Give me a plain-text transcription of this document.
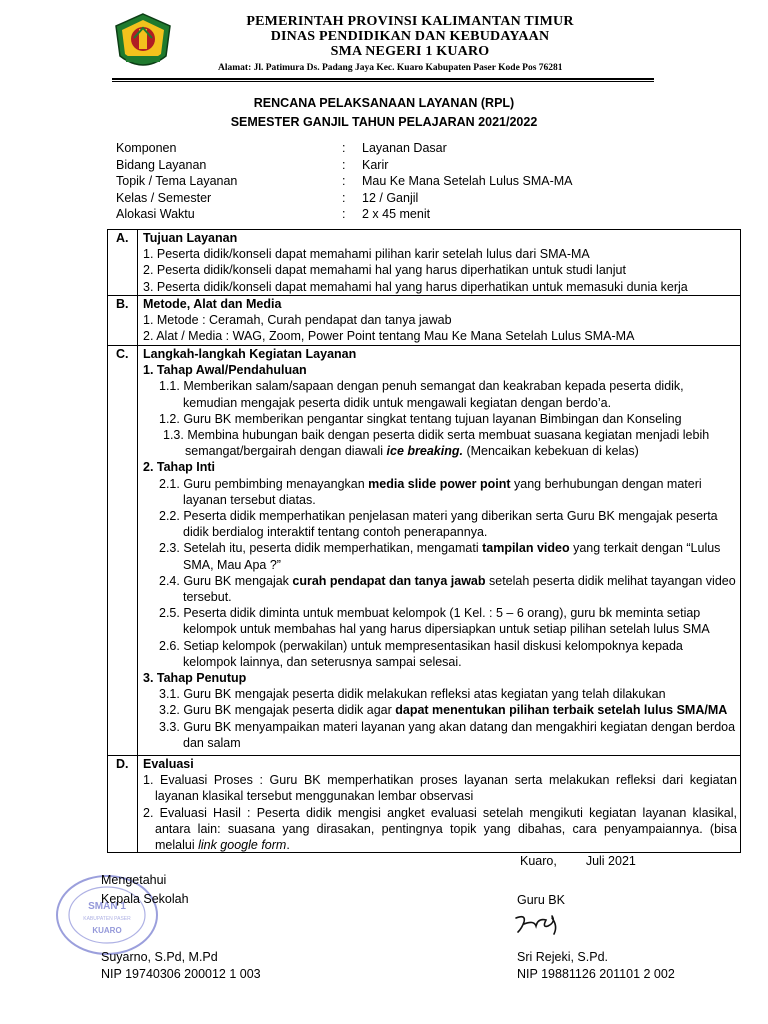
PEMERINTAH PROVINSI KALIMANTAN TIMUR
DINAS PENDIDIKAN DAN KEBUDAYAAN
SMA NEGERI 1 KUARO
Alamat: Jl. Patimura Ds. Padang Jaya Kec. Kuaro Kabupaten Paser Kode Pos 76281
RENCANA PELAKSANAAN LAYANAN (RPL)
SEMESTER GANJIL TAHUN PELAJARAN 2021/2022
Komponen	:	Layanan Dasar
Bidang Layanan	:	Karir
Topik / Tema Layanan	:	Mau Ke Mana Setelah Lulus SMA-MA
Kelas / Semester	:	12 / Ganjil
Alokasi Waktu	:	2 x 45 menit
A. Tujuan Layanan
1. Peserta didik/konseli dapat memahami pilihan karir setelah lulus dari SMA-MA
2. Peserta didik/konseli dapat memahami hal yang harus diperhatikan untuk studi lanjut
3. Peserta didik/konseli dapat memahami hal yang harus diperhatikan untuk memasuki dunia kerja
B. Metode, Alat dan Media
1. Metode : Ceramah, Curah pendapat dan tanya jawab
2. Alat / Media : WAG, Zoom, Power Point tentang Mau Ke Mana Setelah Lulus SMA-MA
C. Langkah-langkah Kegiatan Layanan
1. Tahap Awal/Pendahuluan
1.1. Memberikan salam/sapaan dengan penuh semangat dan keakraban kepada peserta didik, kemudian mengajak peserta didik untuk mengawali kegiatan dengan berdo’a.
1.2. Guru BK memberikan pengantar singkat tentang tujuan layanan Bimbingan dan Konseling
1.3. Membina hubungan baik dengan peserta didik serta membuat suasana kegiatan menjadi lebih semangat/bergairah dengan diawali ice breaking. (Mencaikan kebekuan di kelas)
2. Tahap Inti
2.1. Guru pembimbing menayangkan media slide power point yang berhubungan dengan materi layanan tersebut diatas.
2.2. Peserta didik memperhatikan penjelasan materi yang diberikan serta Guru BK mengajak peserta didik berdialog interaktif tentang contoh penerapannya.
2.3. Setelah itu, peserta didik memperhatikan, mengamati tampilan video yang terkait dengan “Lulus SMA, Mau Apa ?”
2.4. Guru BK mengajak curah pendapat dan tanya jawab setelah peserta didik melihat tayangan video tersebut.
2.5. Peserta didik diminta untuk membuat kelompok (1 Kel. : 5 – 6 orang), guru bk meminta setiap kelompok untuk membahas hal yang harus dipersiapkan untuk setiap pilihan setelah lulus SMA
2.6. Setiap kelompok (perwakilan) untuk mempresentasikan hasil diskusi kelompoknya kepada kelompok lainnya, dan seterusnya sampai selesai.
3. Tahap Penutup
3.1. Guru BK mengajak peserta didik melakukan refleksi atas kegiatan yang telah dilakukan
3.2. Guru BK mengajak peserta didik agar dapat menentukan pilihan terbaik setelah lulus SMA/MA
3.3. Guru BK menyampaikan materi layanan yang akan datang dan mengakhiri kegiatan dengan berdoa dan salam
D. Evaluasi
1. Evaluasi Proses : Guru BK memperhatikan proses layanan serta melakukan refleksi dari kegiatan layanan klasikal tersebut menggunakan lembar observasi
2. Evaluasi Hasil : Peserta didik mengisi angket evaluasi setelah mengikuti kegiatan layanan klasikal, antara lain: suasana yang dirasakan, pentingnya topik yang dibahas, cara penyampaiannya. (bisa melalui link google form.
Kuaro, Juli 2021
SMAN 1
KUARO
KABUPATEN PASER
Mengetahui
Kepala Sekolah
Suyarno, S.Pd, M.Pd
NIP 19740306 200012 1 003
Guru BK
Sri Rejeki, S.Pd.
NIP 19881126 201101 2 002
